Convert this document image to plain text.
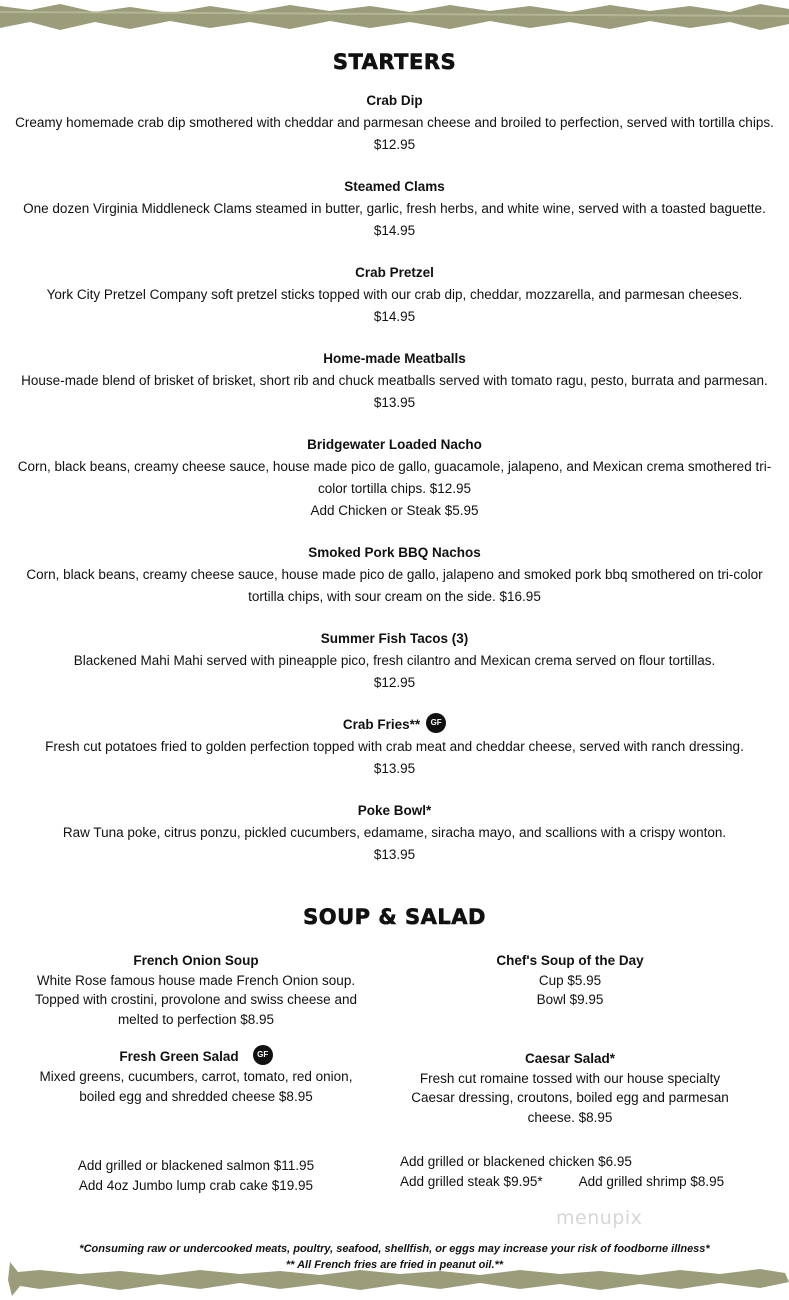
STARTERS

Crab Dip

Creamy homemade crab dip smothered with cheddar and parmesan cheese and broiled to perfection, served with tortilla chips. $12.95

Steamed Clams

One dozen Virginia Middleneck Clams steamed in butter, garlic, fresh herbs, and white wine, served with a toasted baguette. $14.95

Crab Pretzel

York City Pretzel Company soft pretzel sticks topped with our crab dip, cheddar, mozzarella, and parmesan cheeses.

$14.95

Home-made Meatballs

House-made blend of brisket of brisket, short rib and chuck meatballs served with tomato ragu, pesto, burrata and parmesan. $13.95

Bridgewater Loaded Nacho

Corn, black beans, creamy cheese sauce, house made pico de gallo, guacamole, jalapeno, and Mexican crema smothered tri-color tortilla chips. $12.95

Add Chicken or Steak $5.95

Smoked Pork BBQ Nachos

Corn, black beans, creamy cheese sauce, house made pico de gallo, jalapeno and smoked pork bbq smothered on tri-color tortilla chips, with sour cream on the side. $16.95

Summer Fish Tacos (3)

Blackened Mahi Mahi served with pineapple pico, fresh cilantro and Mexican crema served on flour tortillas.

$12.95

Crab Fries** GF

Fresh cut potatoes fried to golden perfection topped with crab meat and cheddar cheese, served with ranch dressing.

$13.95

Poke Bowl*

Raw Tuna poke, citrus ponzu, pickled cucumbers, edamame, siracha mayo, and scallions with a crispy wonton.

$13.95

SOUP & SALAD

French Onion Soup

White Rose famous house made French Onion soup.

Topped with crostini, provolone and swiss cheese and

melted to perfection $8.95

Chef's Soup of the Day

Cup $5.95

Bowl $9.95

Fresh Green Salad GF

Mixed greens, cucumbers, carrot, tomato, red onion,

boiled egg and shredded cheese $8.95

Caesar Salad*

Fresh cut romaine tossed with our house specialty

Caesar dressing, croutons, boiled egg and parmesan

cheese. $8.95

Add grilled or blackened salmon $11.95

Add 4oz Jumbo lump crab cake $19.95

Add grilled or blackened chicken $6.95

Add grilled steak $9.95*	Add grilled shrimp $8.95

menupix

*Consuming raw or undercooked meats, poultry, seafood, shellfish, or eggs may increase your risk of foodborne illness*

** All French fries are fried in peanut oil.**
